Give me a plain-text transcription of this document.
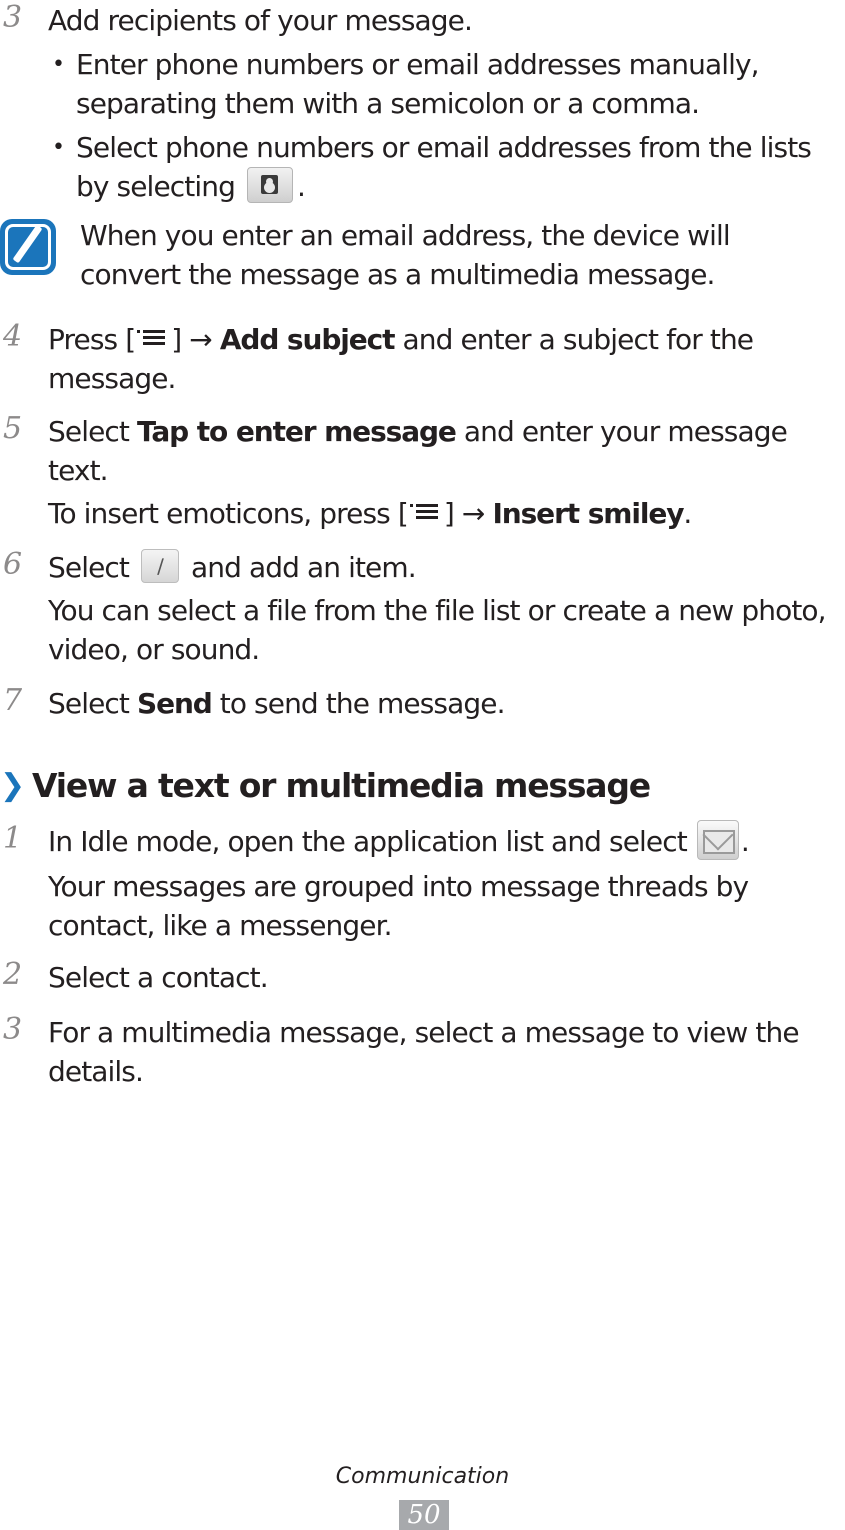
3 Add recipients of your message.
• Enter phone numbers or email addresses manually,
separating them with a semicolon or a comma.
• Select phone numbers or email addresses from the lists
by selecting .
When you enter an email address, the device will
convert the message as a multimedia message.
4 Press [ ] → Add subject and enter a subject for the
message.
5 Select Tap to enter message and enter your message
text.
To insert emoticons, press [ ] → Insert smiley.
6 Select ∕ and add an item.
You can select a file from the file list or create a new photo,
video, or sound.
7 Select Send to send the message.
❯ View a text or multimedia message
1 In Idle mode, open the application list and select .
Your messages are grouped into message threads by
contact, like a messenger.
2 Select a contact.
3 For a multimedia message, select a message to view the
details.
Communication
50
